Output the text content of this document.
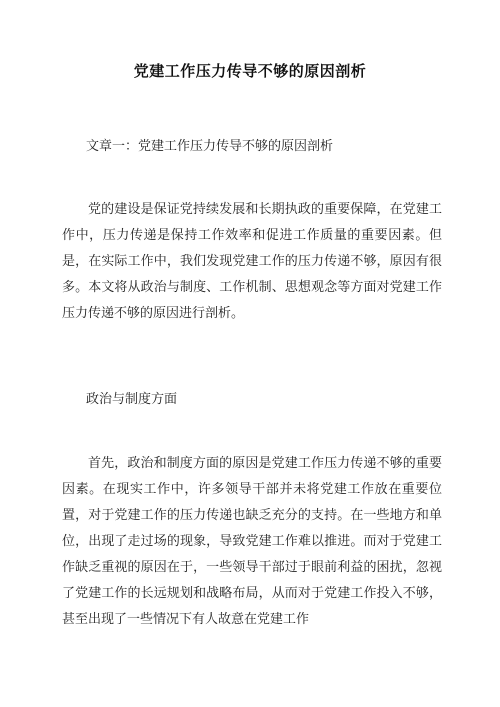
党建工作压力传导不够的原因剖析

文章一：党建工作压力传导不够的原因剖析

党的建设是保证党持续发展和长期执政的重要保障，在党建工作中，压力传递是保持工作效率和促进工作质量的重要因素。但是，在实际工作中，我们发现党建工作的压力传递不够，原因有很多。本文将从政治与制度、工作机制、思想观念等方面对党建工作压力传递不够的原因进行剖析。

政治与制度方面

首先，政治和制度方面的原因是党建工作压力传递不够的重要因素。在现实工作中，许多领导干部并未将党建工作放在重要位置，对于党建工作的压力传递也缺乏充分的支持。在一些地方和单位，出现了走过场的现象，导致党建工作难以推进。而对于党建工作缺乏重视的原因在于，一些领导干部过于眼前利益的困扰，忽视了党建工作的长远规划和战略布局，从而对于党建工作投入不够，甚至出现了一些情况下有人故意在党建工作
